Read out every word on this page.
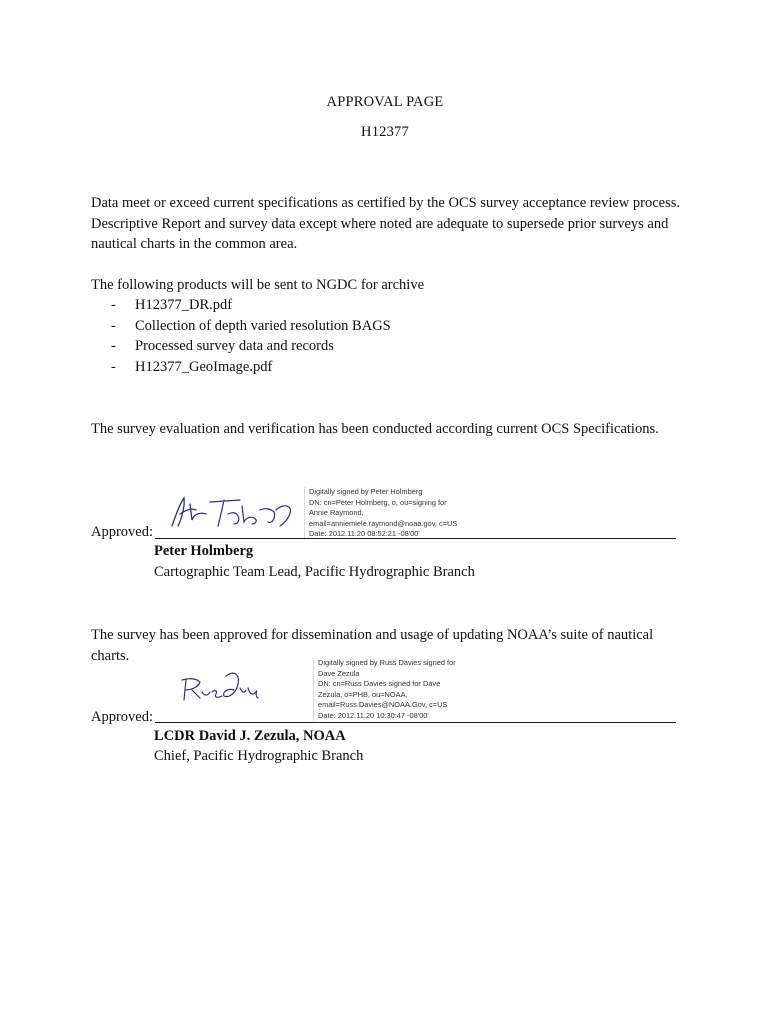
APPROVAL PAGE
H12377
Data meet or exceed current specifications as certified by the OCS survey acceptance review process. Descriptive Report and survey data except where noted are adequate to supersede prior surveys and nautical charts in the common area.
The following products will be sent to NGDC for archive
- H12377_DR.pdf
- Collection of depth varied resolution BAGS
- Processed survey data and records
- H12377_GeoImage.pdf
The survey evaluation and verification has been conducted according current OCS Specifications.
Digitally signed by Peter Holmberg
DN: cn=Peter Holmberg, o, ou=signing for
Annie Raymond,
email=anniemiele.raymond@noaa.gov, c=US
Date: 2012.11.20 08:52:21 -08'00'
Approved:
Peter Holmberg
Cartographic Team Lead, Pacific Hydrographic Branch
The survey has been approved for dissemination and usage of updating NOAA’s suite of nautical charts.	Digitally signed by Russ Davies signed for
Dave Zezula
DN: cn=Russ Davies signed for Dave
Zezula, o=PHB, ou=NOAA,
email=Russ.Davies@NOAA.Gov, c=US
Date: 2012.11.20 10:30:47 -08'00'
Approved:
LCDR David J. Zezula, NOAA
Chief, Pacific Hydrographic Branch
